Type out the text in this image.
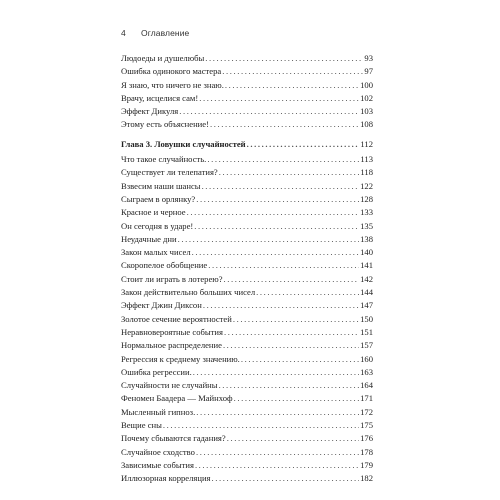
4 Оглавление
Людоеды и душелюбы .....	93
Ошибка одинокого мастера .....	97
Я знаю, что ничего не знаю. .....	100
Врачу, исцелися сам! .....	102
Эффект Дикуля .....	103
Этому есть объяснение! .....	108
Глава 3. Ловушки случайностей .....	112
Что такое случайность. .....	113
Существует ли телепатия? .....	118
Взвесим наши шансы .....	122
Сыграем в орлянку? .....	128
Красное и черное .....	133
Он сегодня в ударе! .....	135
Неудачные дни .....	138
Закон малых чисел .....	140
Скоропелое обобщение .....	141
Стоит ли играть в лотерею? .....	142
Закон действительно больших чисел .....	144
Эффект Джин Диксон .....	147
Золотое сечение вероятностей .....	150
Неравновероятные события .....	151
Нормальное распределение .....	157
Регрессия к среднему значению. .....	160
Ошибка регрессии. .....	163
Случайности не случайны .....	164
Феномен Баадера — Майнхоф .....	171
Мысленный гипноз. .....	172
Вещие сны .....	175
Почему сбываются гадания? .....	176
Случайное сходство .....	178
Зависимые события .....	179
Иллюзорная корреляция .....	182
